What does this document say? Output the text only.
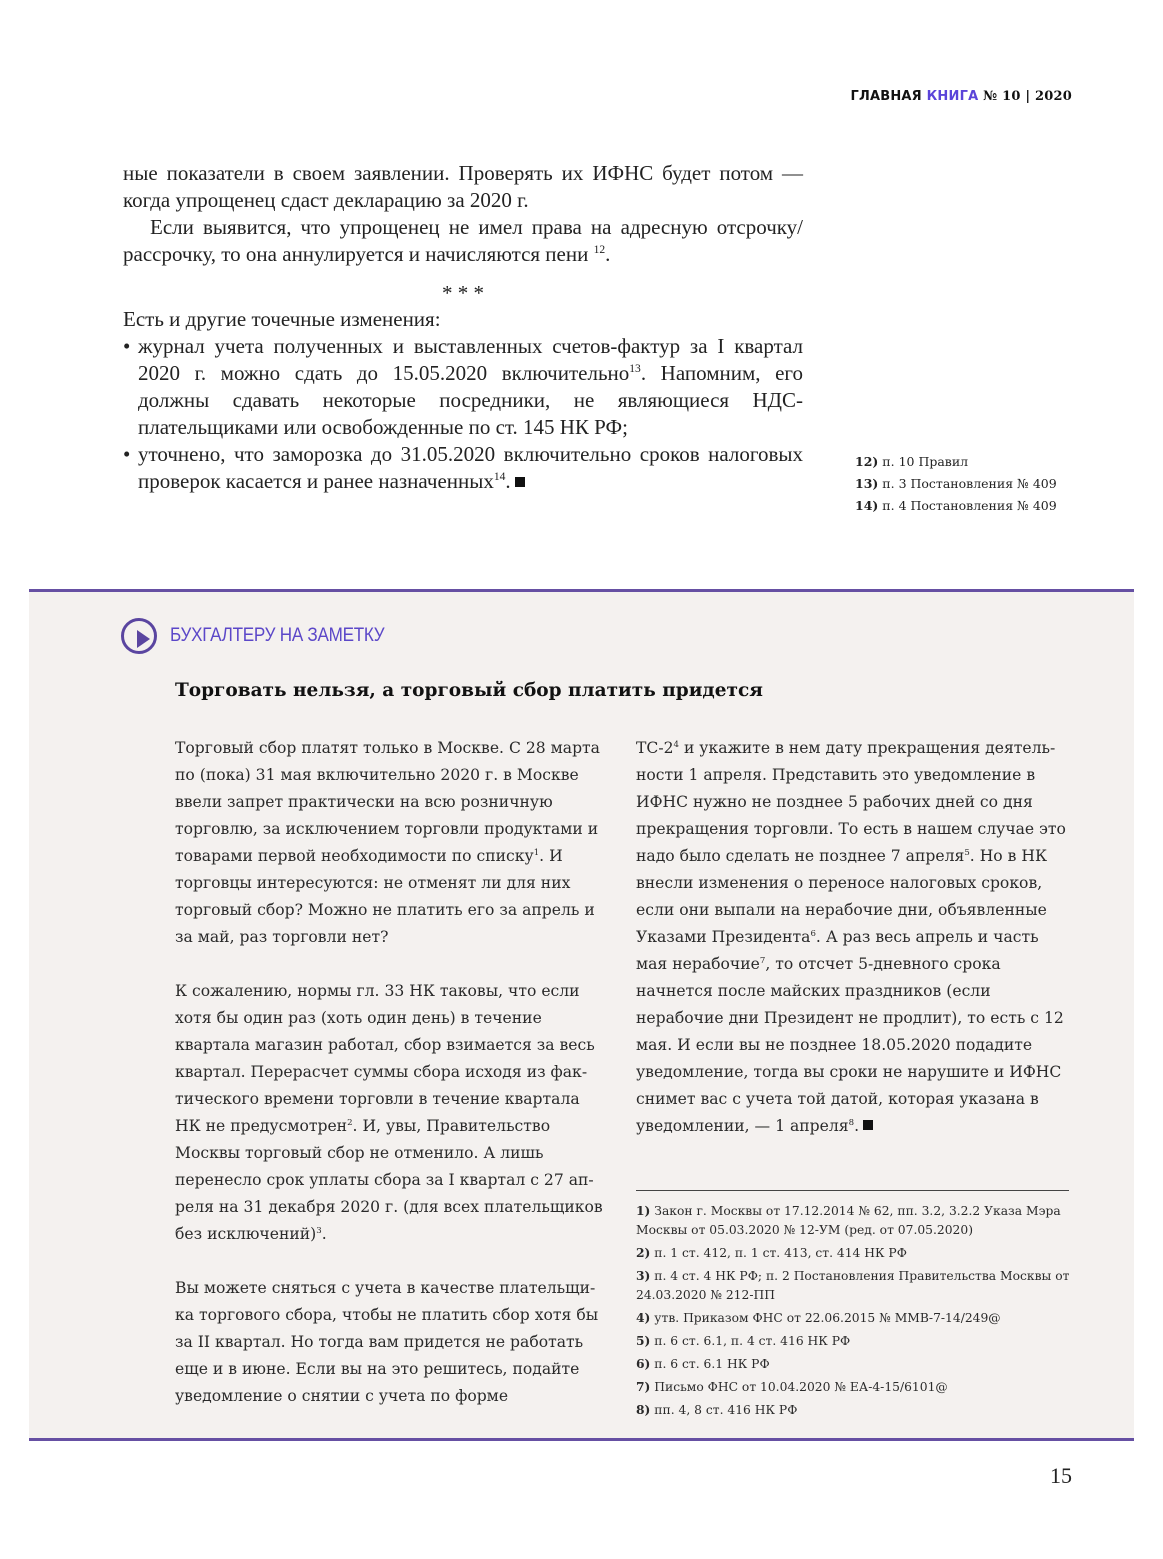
ГЛАВНАЯ КНИГА № 10 | 2020

ные показатели в своем заявлении. Проверять их ИФНС будет потом — когда упрощенец сдаст декларацию за 2020 г.

Если выявится, что упрощенец не имел права на адресную отсрочку/рассрочку, то она аннулируется и начисляются пени $^{12}$.

* * *

Есть и другие точечные изменения:

• журнал учета полученных и выставленных счетов-фактур за I квартал 2020 г. можно сдать до 15.05.2020 включительно$^{13}$. Напомним, его должны сдавать некоторые посредники, не являющиеся НДС-плательщиками или освобожденные по ст. 145 НК РФ;
• уточнено, что заморозка до 31.05.2020 включительно сроков налоговых проверок касается и ранее назначенных$^{14}$.
12) п. 10 Правил
13) п. 3 Постановления № 409
14) п. 4 Постановления № 409
БУХГАЛТЕРУ НА ЗАМЕТКУ
Торговать нельзя, а торговый сбор платить придется

Торговый сбор платят только в Москве. С 28 марта по (пока) 31 мая включительно 2020 г. в Москве ввели запрет практически на всю розничную торговлю, за исключением торговли продуктами и товарами первой необходимости по списку$^1$. И торговцы интересуются: не отменят ли для них торговый сбор? Можно не платить его за апрель и за май, раз торговли нет?

К сожалению, нормы гл. 33 НК таковы, что если хотя бы один раз (хоть один день) в течение квартала магазин работал, сбор взимается за весь квартал. Перерасчет суммы сбора исходя из фактического времени торговли в течение квартала НК не предусмотрен$^2$. И, увы, Правительство Москвы торговый сбор не отменило. А лишь перенесло срок уплаты сбора за I квартал с 27 апреля на 31 декабря 2020 г. (для всех плательщиков без исключений)$^3$.

Вы можете сняться с учета в качестве плательщика торгового сбора, чтобы не платить сбор хотя бы за II квартал. Но тогда вам придется не работать еще и в июне. Если вы на это решитесь, подайте уведомление о снятии с учета по форме

$ТС-2^4$ и укажите в нем дату прекращения деятельности 1 апреля. Представить это уведомление в ИФНС нужно не позднее 5 рабочих дней со дня прекращения торговли. То есть в нашем случае это надо было сделать не позднее 7 апреля$^5$. Но в НК внесли изменения о переносе налоговых сроков, если они выпали на нерабочие дни, объявленные Указами Президента$^6$. А раз весь апрель и часть мая нерабочие$^7$, то отсчет 5-дневного срока начнется после майских праздников (если нерабочие дни Президент не продлит), то есть с 12 мая. И если вы не позднее 18.05.2020 подадите уведомление, тогда вы сроки не нарушите и ИФНС снимет вас с учета той датой, которая указана в уведомлении, — 1 апреля$^8$.

1) Закон г. Москвы от 17.12.2014 № 62, пп. 3.2, 3.2.2 Указа Мэра Москвы от 05.03.2020 № 12-УМ (ред. от 07.05.2020)
2) п. 1 ст. 412, п. 1 ст. 413, ст. 414 НК РФ
3) п. 4 ст. 4 НК РФ; п. 2 Постановления Правительства Москвы от 24.03.2020 № 212-ПП
4) утв. Приказом ФНС от 22.06.2015 № ММВ-7-14/249@
5) п. 6 ст. 6.1, п. 4 ст. 416 НК РФ
6) п. 6 ст. 6.1 НК РФ
7) Письмо ФНС от 10.04.2020 № ЕА-4-15/6101@
8) пп. 4, 8 ст. 416 НК РФ
15
